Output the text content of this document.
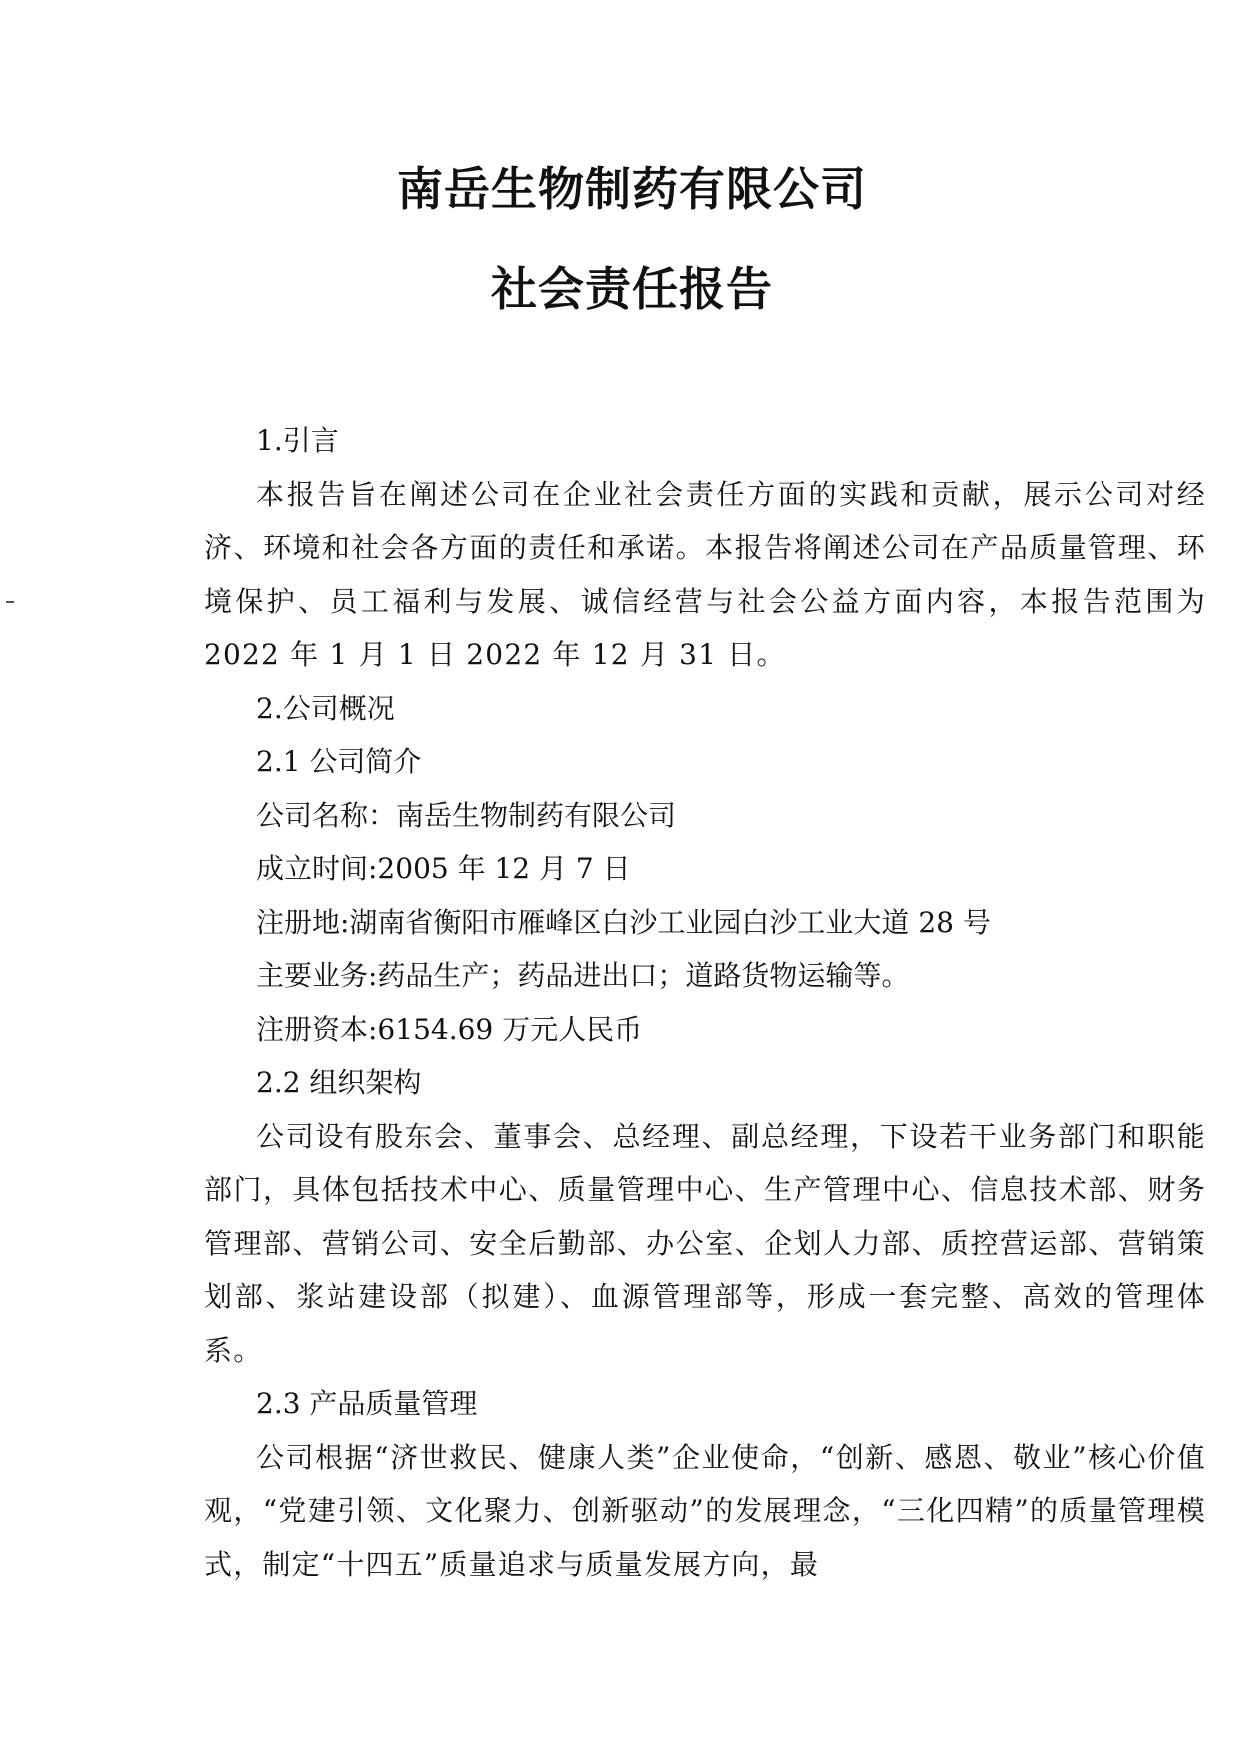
南岳生物制药有限公司
社会责任报告

1.引言

本报告旨在阐述公司在企业社会责任方面的实践和贡献，展示公司对经济、环境和社会各方面的责任和承诺。本报告将阐述公司在产品质量管理、环境保护、员工福利与发展、诚信经营与社会公益方面内容，本报告范围为 2022 年 1 月 1 日 2022 年 12 月 31 日。

2.公司概况

2.1 公司简介

公司名称：南岳生物制药有限公司

成立时间:2005 年 12 月 7 日

注册地:湖南省衡阳市雁峰区白沙工业园白沙工业大道 28 号

主要业务:药品生产；药品进出口；道路货物运输等。

注册资本:6154.69 万元人民币

2.2 组织架构

公司设有股东会、董事会、总经理、副总经理，下设若干业务部门和职能部门，具体包括技术中心、质量管理中心、生产管理中心、信息技术部、财务管理部、营销公司、安全后勤部、办公室、企划人力部、质控营运部、营销策划部、浆站建设部（拟建）、血源管理部等，形成一套完整、高效的管理体系。

2.3 产品质量管理

公司根据“济世救民、健康人类”企业使命，“创新、感恩、敬业”核心价值观，“党建引领、文化聚力、创新驱动”的发展理念，“三化四精”的质量管理模式，制定“十四五”质量追求与质量发展方向，最
